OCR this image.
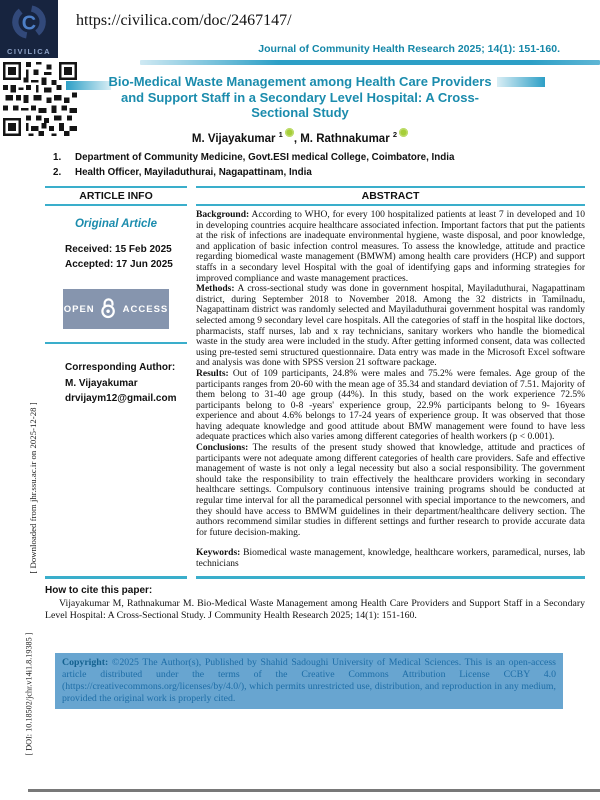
C
CIVILICA
https://civilica.com/doc/2467147/
Journal of Community Health Research 2025; 14(1): 151-160.
Bio-Medical Waste Management among Health Care Providers and Support Staff in a Secondary Level Hospital: A Cross-Sectional Study
M. Vijayakumar $^1$ , M. Rathnakumar $^2$
1.	Department of Community Medicine, Govt.ESI medical College, Coimbatore, India
2.	Health Officer, Mayiladuthurai, Nagapattinam, India
ARTICLE INFO
Original Article
Received: 15 Feb 2025
Accepted: 17 Jun 2025
OPEN	ACCESS
Corresponding Author:
M. Vijayakumar
drvijaym12@gmail.com
ABSTRACT

Background: According to WHO, for every 100 hospitalized patients at least 7 in developed and 10 in developing countries acquire healthcare associated infection. Important factors that put the patients at the risk of infections are inadequate environmental hygiene, waste disposal, and poor knowledge, and application of basic infection control measures. To assess the knowledge, attitude and practice regarding biomedical waste management (BMWM) among health care providers (HCP) and support staffs in a secondary level Hospital with the goal of identifying gaps and informing strategies for improved compliance and waste management practices.

Methods: A cross-sectional study was done in government hospital, Mayiladuthurai, Nagapattinam district, during September 2018 to November 2018. Among the 32 districts in Tamilnadu, Nagapattinam district was randomly selected and Mayiladuthurai government hospital was randomly selected among 9 secondary level care hospitals. All the categories of staff in the hospital like doctors, pharmacists, staff nurses, lab and x ray technicians, sanitary workers who handle the biomedical waste in the study area were included in the study. After getting informed consent, data was collected using pre-tested semi structured questionnaire. Data entry was made in the Microsoft Excel software and analysis was done with SPSS version 21 software package.

Results: Out of 109 participants, 24.8% were males and 75.2% were females. Age group of the participants ranges from 20-60 with the mean age of 35.34 and standard deviation of 7.51. Majority of them belong to 31-40 age group (44%). In this study, based on the work experience 72.5% participants belong to 0-8 -years' experience group, 22.9% participants belong to 9- 16years experience and about 4.6% belongs to 17-24 years of experience group. It was observed that those having adequate knowledge and good attitude about BMW management were found to have less adequate practices which also varies among different categories of health workers (p < 0.001).

Conclusions: The results of the present study showed that knowledge, attitude and practices of participants were not adequate among different categories of health care providers. Safe and effective management of waste is not only a legal necessity but also a social responsibility. The government should take the responsibility to train effectively the healthcare providers working in secondary healthcare settings. Compulsory continuous intensive training programs should be conducted at regular time interval for all the paramedical personnel with special importance to the newcomers, and they should have access to BMWM guidelines in their department/healthcare delivery section. The authors recommend similar studies in different settings and further research to provide accurate data for future decision-making.

Keywords: Biomedical waste management, knowledge, healthcare workers, paramedical, nurses, lab technicians

How to cite this paper:
Vijayakumar M, Rathnakumar M. Bio-Medical Waste Management among Health Care Providers and Support Staff in a Secondary Level Hospital: A Cross-Sectional Study. J Community Health Research 2025; 14(1): 151-160.
Copyright: ©2025 The Author(s), Published by Shahid Sadoughi University of Medical Sciences. This is an open-access article distributed under the terms of the Creative Commons Attribution License CCBY 4.0 (https://creativecommons.org/licenses/by/4.0/), which permits unrestricted use, distribution, and reproduction in any medium, provided the original work is properly cited.
[ Downloaded from jhr.ssu.ac.ir on 2025-12-28 ]
[ DOI: 10.18502/jchr.v14i1.8.19385 ]
